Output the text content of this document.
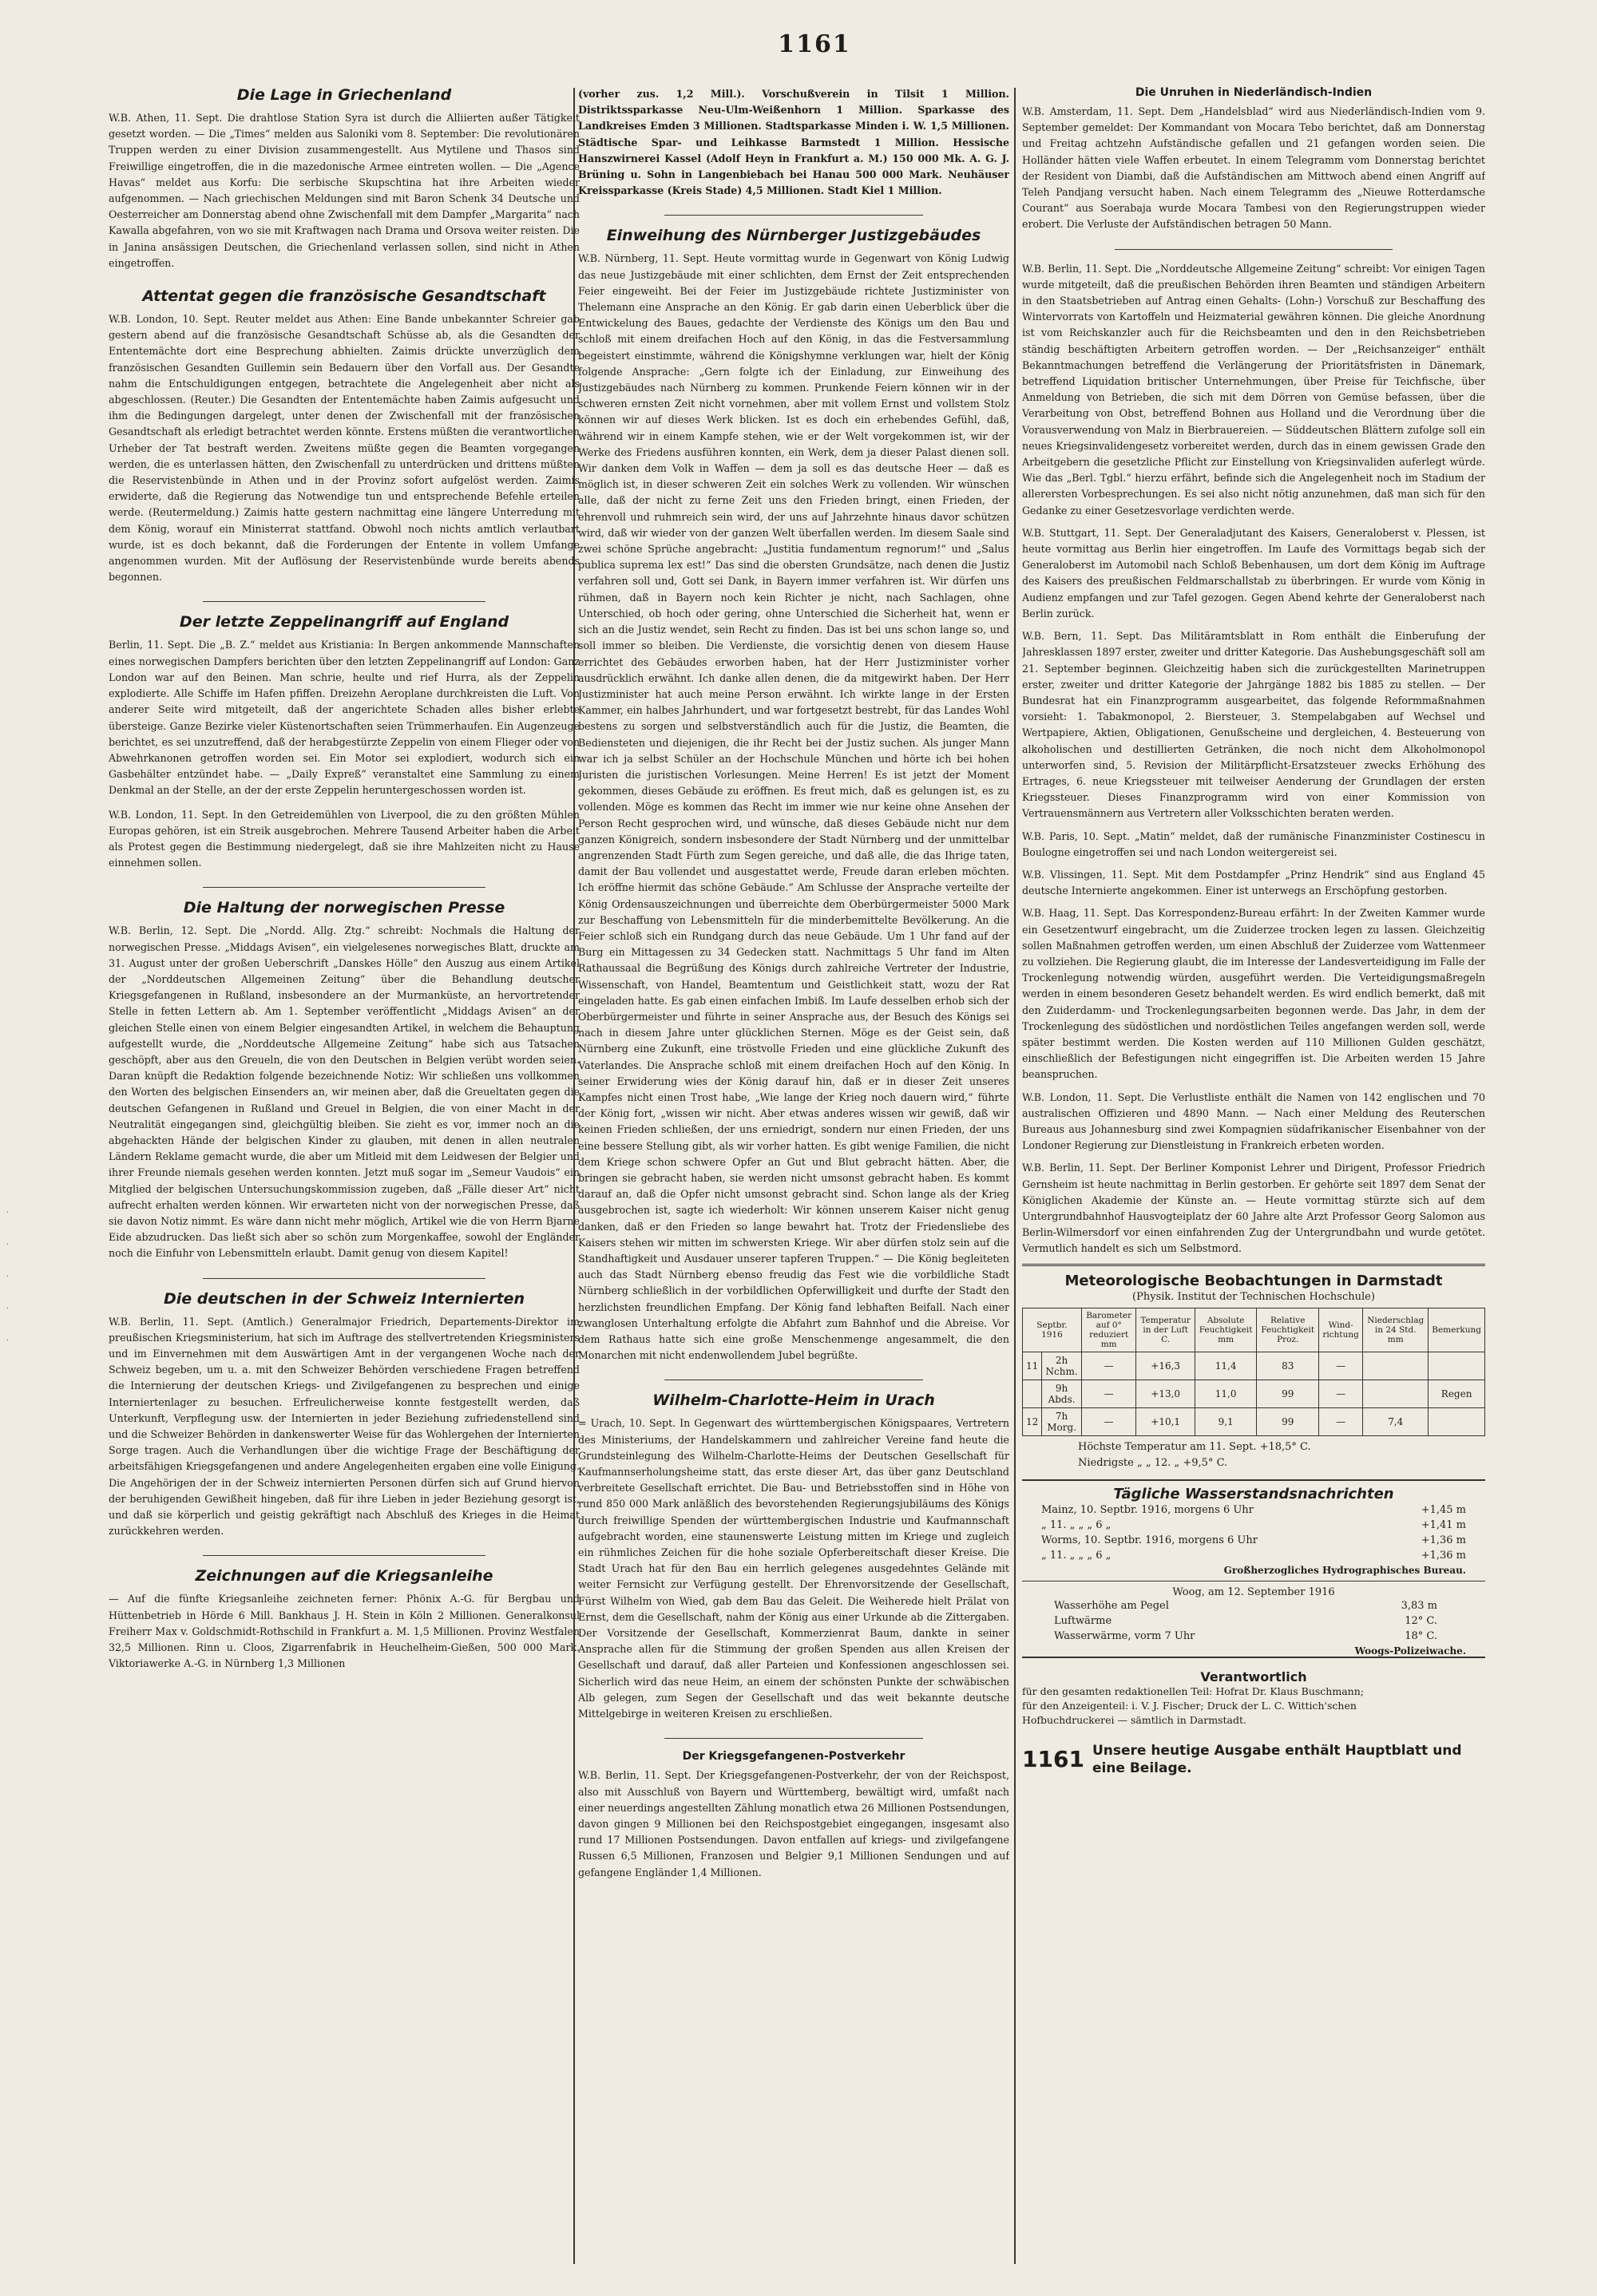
1161
·
·
·
·
·
Die Lage in Griechenland

W.B. Athen, 11. Sept. Die drahtlose Station Syra ist durch die Alliierten außer Tätigkeit gesetzt worden. — Die „Times“ melden aus Saloniki vom 8. September: Die revolutionären Truppen werden zu einer Division zusammengestellt. Aus Mytilene und Thasos sind Freiwillige eingetroffen, die in die mazedonische Armee eintreten wollen. — Die „Agence Havas“ meldet aus Korfu: Die serbische Skupschtina hat ihre Arbeiten wieder aufgenommen. — Nach griechischen Meldungen sind mit Baron Schenk 34 Deutsche und Oesterreicher am Donnerstag abend ohne Zwischenfall mit dem Dampfer „Margarita“ nach Kawalla abgefahren, von wo sie mit Kraftwagen nach Drama und Orsova weiter reisten. Die in Janina ansässigen Deutschen, die Griechenland verlassen sollen, sind nicht in Athen eingetroffen.

Attentat gegen die französische Gesandtschaft

W.B. London, 10. Sept. Reuter meldet aus Athen: Eine Bande unbekannter Schreier gab gestern abend auf die französische Gesandtschaft Schüsse ab, als die Gesandten der Ententemächte dort eine Besprechung abhielten. Zaimis drückte unverzüglich dem französischen Gesandten Guillemin sein Bedauern über den Vorfall aus. Der Gesandte nahm die Entschuldigungen entgegen, betrachtete die Angelegenheit aber nicht als abgeschlossen. (Reuter.) Die Gesandten der Ententemächte haben Zaimis aufgesucht und ihm die Bedingungen dargelegt, unter denen der Zwischenfall mit der französischen Gesandtschaft als erledigt betrachtet werden könnte. Erstens müßten die verantwortlichen Urheber der Tat bestraft werden. Zweitens müßte gegen die Beamten vorgegangen werden, die es unterlassen hätten, den Zwischenfall zu unterdrücken und drittens müßten die Reservistenbünde in Athen und in der Provinz sofort aufgelöst werden. Zaimis erwiderte, daß die Regierung das Notwendige tun und entsprechende Befehle erteilen werde. (Reutermeldung.) Zaimis hatte gestern nachmittag eine längere Unterredung mit dem König, worauf ein Ministerrat stattfand. Obwohl noch nichts amtlich verlautbart wurde, ist es doch bekannt, daß die Forderungen der Entente in vollem Umfange angenommen wurden. Mit der Auflösung der Reservistenbünde wurde bereits abends begonnen.

Der letzte Zeppelinangriff auf England

Berlin, 11. Sept. Die „B. Z.“ meldet aus Kristiania: In Bergen ankommende Mannschaften eines norwegischen Dampfers berichten über den letzten Zeppelinangriff auf London: Ganz London war auf den Beinen. Man schrie, heulte und rief Hurra, als der Zeppelin explodierte. Alle Schiffe im Hafen pfiffen. Dreizehn Aeroplane durchkreisten die Luft. Von anderer Seite wird mitgeteilt, daß der angerichtete Schaden alles bisher erlebte übersteige. Ganze Bezirke vieler Küstenortschaften seien Trümmerhaufen. Ein Augenzeuge berichtet, es sei unzutreffend, daß der herabgestürzte Zeppelin von einem Flieger oder von Abwehrkanonen getroffen worden sei. Ein Motor sei explodiert, wodurch sich ein Gasbehälter entzündet habe. — „Daily Expreß“ veranstaltet eine Sammlung zu einem Denkmal an der Stelle, an der der erste Zeppelin heruntergeschossen worden ist.

W.B. London, 11. Sept. In den Getreidemühlen von Liverpool, die zu den größten Mühlen Europas gehören, ist ein Streik ausgebrochen. Mehrere Tausend Arbeiter haben die Arbeit als Protest gegen die Bestimmung niedergelegt, daß sie ihre Mahlzeiten nicht zu Hause einnehmen sollen.

Die Haltung der norwegischen Presse

W.B. Berlin, 12. Sept. Die „Nordd. Allg. Ztg.“ schreibt: Nochmals die Haltung der norwegischen Presse. „Middags Avisen“, ein vielgelesenes norwegisches Blatt, druckte am 31. August unter der großen Ueberschrift „Danskes Hölle“ den Auszug aus einem Artikel der „Norddeutschen Allgemeinen Zeitung“ über die Behandlung deutscher Kriegsgefangenen in Rußland, insbesondere an der Murmanküste, an hervortretender Stelle in fetten Lettern ab. Am 1. September veröffentlicht „Middags Avisen“ an der gleichen Stelle einen von einem Belgier eingesandten Artikel, in welchem die Behauptung aufgestellt wurde, die „Norddeutsche Allgemeine Zeitung“ habe sich aus Tatsachen geschöpft, aber aus den Greueln, die von den Deutschen in Belgien verübt worden seien. Daran knüpft die Redaktion folgende bezeichnende Notiz: Wir schließen uns vollkommen den Worten des belgischen Einsenders an, wir meinen aber, daß die Greueltaten gegen die deutschen Gefangenen in Rußland und Greuel in Belgien, die von einer Macht in der Neutralität eingegangen sind, gleichgültig bleiben. Sie zieht es vor, immer noch an die abgehackten Hände der belgischen Kinder zu glauben, mit denen in allen neutralen Ländern Reklame gemacht wurde, die aber um Mitleid mit dem Leidwesen der Belgier und ihrer Freunde niemals gesehen werden konnten. Jetzt muß sogar im „Semeur Vaudois“ ein Mitglied der belgischen Untersuchungskommission zugeben, daß „Fälle dieser Art“ nicht aufrecht erhalten werden können. Wir erwarteten nicht von der norwegischen Presse, daß sie davon Notiz nimmt. Es wäre dann nicht mehr möglich, Artikel wie die von Herrn Bjarne Eide abzudrucken. Das ließt sich aber so schön zum Morgenkaffee, sowohl der Engländer noch die Einfuhr von Lebensmitteln erlaubt. Damit genug von diesem Kapitel!

Die deutschen in der Schweiz Internierten

W.B. Berlin, 11. Sept. (Amtlich.) Generalmajor Friedrich, Departements-Direktor im preußischen Kriegsministerium, hat sich im Auftrage des stellvertretenden Kriegsministers und im Einvernehmen mit dem Auswärtigen Amt in der vergangenen Woche nach der Schweiz begeben, um u. a. mit den Schweizer Behörden verschiedene Fragen betreffend die Internierung der deutschen Kriegs- und Zivilgefangenen zu besprechen und einige Interniertenlager zu besuchen. Erfreulicherweise konnte festgestellt werden, daß Unterkunft, Verpflegung usw. der Internierten in jeder Beziehung zufriedenstellend sind und die Schweizer Behörden in dankenswerter Weise für das Wohlergehen der Internierten Sorge tragen. Auch die Verhandlungen über die wichtige Frage der Beschäftigung der arbeitsfähigen Kriegsgefangenen und andere Angelegenheiten ergaben eine volle Einigung. Die Angehörigen der in der Schweiz internierten Personen dürfen sich auf Grund hiervon der beruhigenden Gewißheit hingeben, daß für ihre Lieben in jeder Beziehung gesorgt ist, und daß sie körperlich und geistig gekräftigt nach Abschluß des Krieges in die Heimat zurückkehren werden.

Zeichnungen auf die Kriegsanleihe

— Auf die fünfte Kriegsanleihe zeichneten ferner: Phönix A.-G. für Bergbau und Hüttenbetrieb in Hörde 6 Mill. Bankhaus J. H. Stein in Köln 2 Millionen. Generalkonsul Freiherr Max v. Goldschmidt-Rothschild in Frankfurt a. M. 1,5 Millionen. Provinz Westfalen 32,5 Millionen. Rinn u. Cloos, Zigarrenfabrik in Heuchelheim-Gießen, 500 000 Mark. Viktoriawerke A.-G. in Nürnberg 1,3 Millionen

(vorher zus. 1,2 Mill.). Vorschußverein in Tilsit 1 Million. Distriktssparkasse Neu-Ulm-Weißenhorn 1 Million. Sparkasse des Landkreises Emden 3 Millionen. Stadtsparkasse Minden i. W. 1,5 Millionen. Städtische Spar- und Leihkasse Barmstedt 1 Million. Hessische Hanszwirnerei Kassel (Adolf Heyn in Frankfurt a. M.) 150 000 Mk. A. G. J. Brüning u. Sohn in Langenbiebach bei Hanau 500 000 Mark. Neuhäuser Kreissparkasse (Kreis Stade) 4,5 Millionen. Stadt Kiel 1 Million.

Einweihung des Nürnberger Justizgebäudes

W.B. Nürnberg, 11. Sept. Heute vormittag wurde in Gegenwart von König Ludwig das neue Justizgebäude mit einer schlichten, dem Ernst der Zeit entsprechenden Feier eingeweiht. Bei der Feier im Justizgebäude richtete Justizminister von Thelemann eine Ansprache an den König. Er gab darin einen Ueberblick über die Entwickelung des Baues, gedachte der Verdienste des Königs um den Bau und schloß mit einem dreifachen Hoch auf den König, in das die Festversammlung begeistert einstimmte, während die Königshymne verklungen war, hielt der König folgende Ansprache: „Gern folgte ich der Einladung, zur Einweihung des Justizgebäudes nach Nürnberg zu kommen. Prunkende Feiern können wir in der schweren ernsten Zeit nicht vornehmen, aber mit vollem Ernst und vollstem Stolz können wir auf dieses Werk blicken. Ist es doch ein erhebendes Gefühl, daß, während wir in einem Kampfe stehen, wie er der Welt vorgekommen ist, wir der Werke des Friedens ausführen konnten, ein Werk, dem ja dieser Palast dienen soll. Wir danken dem Volk in Waffen — dem ja soll es das deutsche Heer — daß es möglich ist, in dieser schweren Zeit ein solches Werk zu vollenden. Wir wünschen alle, daß der nicht zu ferne Zeit uns den Frieden bringt, einen Frieden, der ehrenvoll und ruhmreich sein wird, der uns auf Jahrzehnte hinaus davor schützen wird, daß wir wieder von der ganzen Welt überfallen werden. Im diesem Saale sind zwei schöne Sprüche angebracht: „Justitia fundamentum regnorum!“ und „Salus publica suprema lex est!“ Das sind die obersten Grundsätze, nach denen die Justiz verfahren soll und, Gott sei Dank, in Bayern immer verfahren ist. Wir dürfen uns rühmen, daß in Bayern noch kein Richter je nicht, nach Sachlagen, ohne Unterschied, ob hoch oder gering, ohne Unterschied die Sicherheit hat, wenn er sich an die Justiz wendet, sein Recht zu finden. Das ist bei uns schon lange so, und soll immer so bleiben. Die Verdienste, die vorsichtig denen von diesem Hause errichtet des Gebäudes erworben haben, hat der Herr Justizminister vorher ausdrücklich erwähnt. Ich danke allen denen, die da mitgewirkt haben. Der Herr Justizminister hat auch meine Person erwähnt. Ich wirkte lange in der Ersten Kammer, ein halbes Jahrhundert, und war fortgesetzt bestrebt, für das Landes Wohl bestens zu sorgen und selbstverständlich auch für die Justiz, die Beamten, die Bediensteten und diejenigen, die ihr Recht bei der Justiz suchen. Als junger Mann war ich ja selbst Schüler an der Hochschule München und hörte ich bei hohen Juristen die juristischen Vorlesungen. Meine Herren! Es ist jetzt der Moment gekommen, dieses Gebäude zu eröffnen. Es freut mich, daß es gelungen ist, es zu vollenden. Möge es kommen das Recht im immer wie nur keine ohne Ansehen der Person Recht gesprochen wird, und wünsche, daß dieses Gebäude nicht nur dem ganzen Königreich, sondern insbesondere der Stadt Nürnberg und der unmittelbar angrenzenden Stadt Fürth zum Segen gereiche, und daß alle, die das Ihrige taten, damit der Bau vollendet und ausgestattet werde, Freude daran erleben möchten. Ich eröffne hiermit das schöne Gebäude.“ Am Schlusse der Ansprache verteilte der König Ordensauszeichnungen und überreichte dem Oberbürgermeister 5000 Mark zur Beschaffung von Lebensmitteln für die minderbemittelte Bevölkerung. An die Feier schloß sich ein Rundgang durch das neue Gebäude. Um 1 Uhr fand auf der Burg ein Mittagessen zu 34 Gedecken statt. Nachmittags 5 Uhr fand im Alten Rathaussaal die Begrüßung des Königs durch zahlreiche Vertreter der Industrie, Wissenschaft, von Handel, Beamtentum und Geistlichkeit statt, wozu der Rat eingeladen hatte. Es gab einen einfachen Imbiß. Im Laufe desselben erhob sich der Oberbürgermeister und führte in seiner Ansprache aus, der Besuch des Königs sei nach in diesem Jahre unter glücklichen Sternen. Möge es der Geist sein, daß Nürnberg eine Zukunft, eine tröstvolle Frieden und eine glückliche Zukunft des Vaterlandes. Die Ansprache schloß mit einem dreifachen Hoch auf den König. In seiner Erwiderung wies der König darauf hin, daß er in dieser Zeit unseres Kampfes nicht einen Trost habe, „Wie lange der Krieg noch dauern wird,“ führte der König fort, „wissen wir nicht. Aber etwas anderes wissen wir gewiß, daß wir keinen Frieden schließen, der uns erniedrigt, sondern nur einen Frieden, der uns eine bessere Stellung gibt, als wir vorher hatten. Es gibt wenige Familien, die nicht dem Kriege schon schwere Opfer an Gut und Blut gebracht hätten. Aber, die bringen sie gebracht haben, sie werden nicht umsonst gebracht haben. Es kommt darauf an, daß die Opfer nicht umsonst gebracht sind. Schon lange als der Krieg ausgebrochen ist, sagte ich wiederholt: Wir können unserem Kaiser nicht genug danken, daß er den Frieden so lange bewahrt hat. Trotz der Friedensliebe des Kaisers stehen wir mitten im schwersten Kriege. Wir aber dürfen stolz sein auf die Standhaftigkeit und Ausdauer unserer tapferen Truppen.“ — Die König begleiteten auch das Stadt Nürnberg ebenso freudig das Fest wie die vorbildliche Stadt Nürnberg schließlich in der vorbildlichen Opferwilligkeit und durfte der Stadt den herzlichsten freundlichen Empfang. Der König fand lebhaften Beifall. Nach einer zwanglosen Unterhaltung erfolgte die Abfahrt zum Bahnhof und die Abreise. Vor dem Rathaus hatte sich eine große Menschenmenge angesammelt, die den Monarchen mit nicht endenwollendem Jubel begrüßte.

Wilhelm-Charlotte-Heim in Urach

= Urach, 10. Sept. In Gegenwart des württembergischen Königspaares, Vertretern des Ministeriums, der Handelskammern und zahlreicher Vereine fand heute die Grundsteinlegung des Wilhelm-Charlotte-Heims der Deutschen Gesellschaft für Kaufmannserholungsheime statt, das erste dieser Art, das über ganz Deutschland verbreitete Gesellschaft errichtet. Die Bau- und Betriebsstoffen sind in Höhe von rund 850 000 Mark anläßlich des bevorstehenden Regierungsjubiläums des Königs durch freiwillige Spenden der württembergischen Industrie und Kaufmannschaft aufgebracht worden, eine staunenswerte Leistung mitten im Kriege und zugleich ein rühmliches Zeichen für die hohe soziale Opferbereitschaft dieser Kreise. Die Stadt Urach hat für den Bau ein herrlich gelegenes ausgedehntes Gelände mit weiter Fernsicht zur Verfügung gestellt. Der Ehrenvorsitzende der Gesellschaft, Fürst Wilhelm von Wied, gab dem Bau das Geleit. Die Weiherede hielt Prälat von Ernst, dem die Gesellschaft, nahm der König aus einer Urkunde ab die Zittergaben. Der Vorsitzende der Gesellschaft, Kommerzienrat Baum, dankte in seiner Ansprache allen für die Stimmung der großen Spenden aus allen Kreisen der Gesellschaft und darauf, daß aller Parteien und Konfessionen angeschlossen sei. Sicherlich wird das neue Heim, an einem der schönsten Punkte der schwäbischen Alb gelegen, zum Segen der Gesellschaft und das weit bekannte deutsche Mittelgebirge in weiteren Kreisen zu erschließen.

Der Kriegsgefangenen-Postverkehr

W.B. Berlin, 11. Sept. Der Kriegsgefangenen-Postverkehr, der von der Reichspost, also mit Ausschluß von Bayern und Württemberg, bewältigt wird, umfaßt nach einer neuerdings angestellten Zählung monatlich etwa 26 Millionen Postsendungen, davon gingen 9 Millionen bei den Reichspostgebiet eingegangen, insgesamt also rund 17 Millionen Postsendungen. Davon entfallen auf kriegs- und zivilgefangene Russen 6,5 Millionen, Franzosen und Belgier 9,1 Millionen Sendungen und auf gefangene Engländer 1,4 Millionen.

Die Unruhen in Niederländisch-Indien

W.B. Amsterdam, 11. Sept. Dem „Handelsblad“ wird aus Niederländisch-Indien vom 9. September gemeldet: Der Kommandant von Mocara Tebo berichtet, daß am Donnerstag und Freitag achtzehn Aufständische gefallen und 21 gefangen worden seien. Die Holländer hätten viele Waffen erbeutet. In einem Telegramm vom Donnerstag berichtet der Resident von Diambi, daß die Aufständischen am Mittwoch abend einen Angriff auf Teleh Pandjang versucht haben. Nach einem Telegramm des „Nieuwe Rotterdamsche Courant“ aus Soerabaja wurde Mocara Tambesi von den Regierungstruppen wieder erobert. Die Verluste der Aufständischen betragen 50 Mann.

W.B. Berlin, 11. Sept. Die „Norddeutsche Allgemeine Zeitung“ schreibt: Vor einigen Tagen wurde mitgeteilt, daß die preußischen Behörden ihren Beamten und ständigen Arbeitern in den Staatsbetrieben auf Antrag einen Gehalts- (Lohn-) Vorschuß zur Beschaffung des Wintervorrats von Kartoffeln und Heizmaterial gewähren können. Die gleiche Anordnung ist vom Reichskanzler auch für die Reichsbeamten und den in den Reichsbetrieben ständig beschäftigten Arbeitern getroffen worden. — Der „Reichsanzeiger“ enthält Bekanntmachungen betreffend die Verlängerung der Prioritätsfristen in Dänemark, betreffend Liquidation britischer Unternehmungen, über Preise für Teichfische, über Anmeldung von Betrieben, die sich mit dem Dörren von Gemüse befassen, über die Verarbeitung von Obst, betreffend Bohnen aus Holland und die Verordnung über die Vorausverwendung von Malz in Bierbrauereien. — Süddeutschen Blättern zufolge soll ein neues Kriegsinvalidengesetz vorbereitet werden, durch das in einem gewissen Grade den Arbeitgebern die gesetzliche Pflicht zur Einstellung von Kriegsinvaliden auferlegt würde. Wie das „Berl. Tgbl.“ hierzu erfährt, befinde sich die Angelegenheit noch im Stadium der allerersten Vorbesprechungen. Es sei also nicht nötig anzunehmen, daß man sich für den Gedanke zu einer Gesetzesvorlage verdichten werde.

W.B. Stuttgart, 11. Sept. Der Generaladjutant des Kaisers, Generaloberst v. Plessen, ist heute vormittag aus Berlin hier eingetroffen. Im Laufe des Vormittags begab sich der Generaloberst im Automobil nach Schloß Bebenhausen, um dort dem König im Auftrage des Kaisers des preußischen Feldmarschallstab zu überbringen. Er wurde vom König in Audienz empfangen und zur Tafel gezogen. Gegen Abend kehrte der Generaloberst nach Berlin zurück.

W.B. Bern, 11. Sept. Das Militäramtsblatt in Rom enthält die Einberufung der Jahresklassen 1897 erster, zweiter und dritter Kategorie. Das Aushebungsgeschäft soll am 21. September beginnen. Gleichzeitig haben sich die zurückgestellten Marinetruppen erster, zweiter und dritter Kategorie der Jahrgänge 1882 bis 1885 zu stellen. — Der Bundesrat hat ein Finanzprogramm ausgearbeitet, das folgende Reformmaßnahmen vorsieht: 1. Tabakmonopol, 2. Biersteuer, 3. Stempelabgaben auf Wechsel und Wertpapiere, Aktien, Obligationen, Genußscheine und dergleichen, 4. Besteuerung von alkoholischen und destillierten Getränken, die noch nicht dem Alkoholmonopol unterworfen sind, 5. Revision der Militärpflicht-Ersatzsteuer zwecks Erhöhung des Ertrages, 6. neue Kriegssteuer mit teilweiser Aenderung der Grundlagen der ersten Kriegssteuer. Dieses Finanzprogramm wird von einer Kommission von Vertrauensmännern aus Vertretern aller Volksschichten beraten werden.

W.B. Paris, 10. Sept. „Matin“ meldet, daß der rumänische Finanzminister Costinescu in Boulogne eingetroffen sei und nach London weitergereist sei.

W.B. Vlissingen, 11. Sept. Mit dem Postdampfer „Prinz Hendrik“ sind aus England 45 deutsche Internierte angekommen. Einer ist unterwegs an Erschöpfung gestorben.

W.B. Haag, 11. Sept. Das Korrespondenz-Bureau erfährt: In der Zweiten Kammer wurde ein Gesetzentwurf eingebracht, um die Zuiderzee trocken legen zu lassen. Gleichzeitig sollen Maßnahmen getroffen werden, um einen Abschluß der Zuiderzee vom Wattenmeer zu vollziehen. Die Regierung glaubt, die im Interesse der Landesverteidigung im Falle der Trockenlegung notwendig würden, ausgeführt werden. Die Verteidigungsmaßregeln werden in einem besonderen Gesetz behandelt werden. Es wird endlich bemerkt, daß mit den Zuiderdamm- und Trockenlegungsarbeiten begonnen werde. Das Jahr, in dem der Trockenlegung des südöstlichen und nordöstlichen Teiles angefangen werden soll, werde später bestimmt werden. Die Kosten werden auf 110 Millionen Gulden geschätzt, einschließlich der Befestigungen nicht eingegriffen ist. Die Arbeiten werden 15 Jahre beanspruchen.

W.B. London, 11. Sept. Die Verlustliste enthält die Namen von 142 englischen und 70 australischen Offizieren und 4890 Mann. — Nach einer Meldung des Reuterschen Bureaus aus Johannesburg sind zwei Kompagnien südafrikanischer Eisenbahner von der Londoner Regierung zur Dienstleistung in Frankreich erbeten worden.

W.B. Berlin, 11. Sept. Der Berliner Komponist Lehrer und Dirigent, Professor Friedrich Gernsheim ist heute nachmittag in Berlin gestorben. Er gehörte seit 1897 dem Senat der Königlichen Akademie der Künste an. — Heute vormittag stürzte sich auf dem Untergrundbahnhof Hausvogteiplatz der 60 Jahre alte Arzt Professor Georg Salomon aus Berlin-Wilmersdorf vor einen einfahrenden Zug der Untergrundbahn und wurde getötet. Vermutlich handelt es sich um Selbstmord.

Meteorologische Beobachtungen in Darmstadt
(Physik. Institut der Technischen Hochschule)
Septbr. 1916		Barometer auf 0° reduziert mm	Temperatur in der Luft C.	Absolute Feuchtigkeit mm	Relative Feuchtigkeit Proz.	Wind-richtung	Niederschlag in 24 Std. mm	Bemerkung
11	2h Nchm.	—	+16,3	11,4	83	—		
	9h Abds.	—	+13,0	11,0	99	—		Regen
12	7h Morg.	—	+10,1	9,1	99	—	7,4	
Höchste Temperatur am 11. Sept. +18,5° C.
Niedrigste „ „ 12. „ +9,5° C.
Tägliche Wasserstandsnachrichten
Mainz, 10. Septbr. 1916, morgens 6 Uhr	+1,45 m
„ 11. „ „ „ 6 „	+1,41 m
Worms, 10. Septbr. 1916, morgens 6 Uhr	+1,36 m
„ 11. „ „ „ 6 „	+1,36 m
Großherzogliches Hydrographisches Bureau.
Woog, am 12. September 1916
Wasserhöhe am Pegel	3,83 m
Luftwärme	12° C.
Wasserwärme, vorm 7 Uhr	18° C.
Woogs-Polizeiwache.
Verantwortlich
für den gesamten redaktionellen Teil: Hofrat Dr. Klaus Buschmann;
für den Anzeigenteil: i. V. J. Fischer; Druck der L. C. Wittich'schen
Hofbuchdruckerei — sämtlich in Darmstadt.
1161 Unsere heutige Ausgabe enthält Hauptblatt und eine Beilage.
